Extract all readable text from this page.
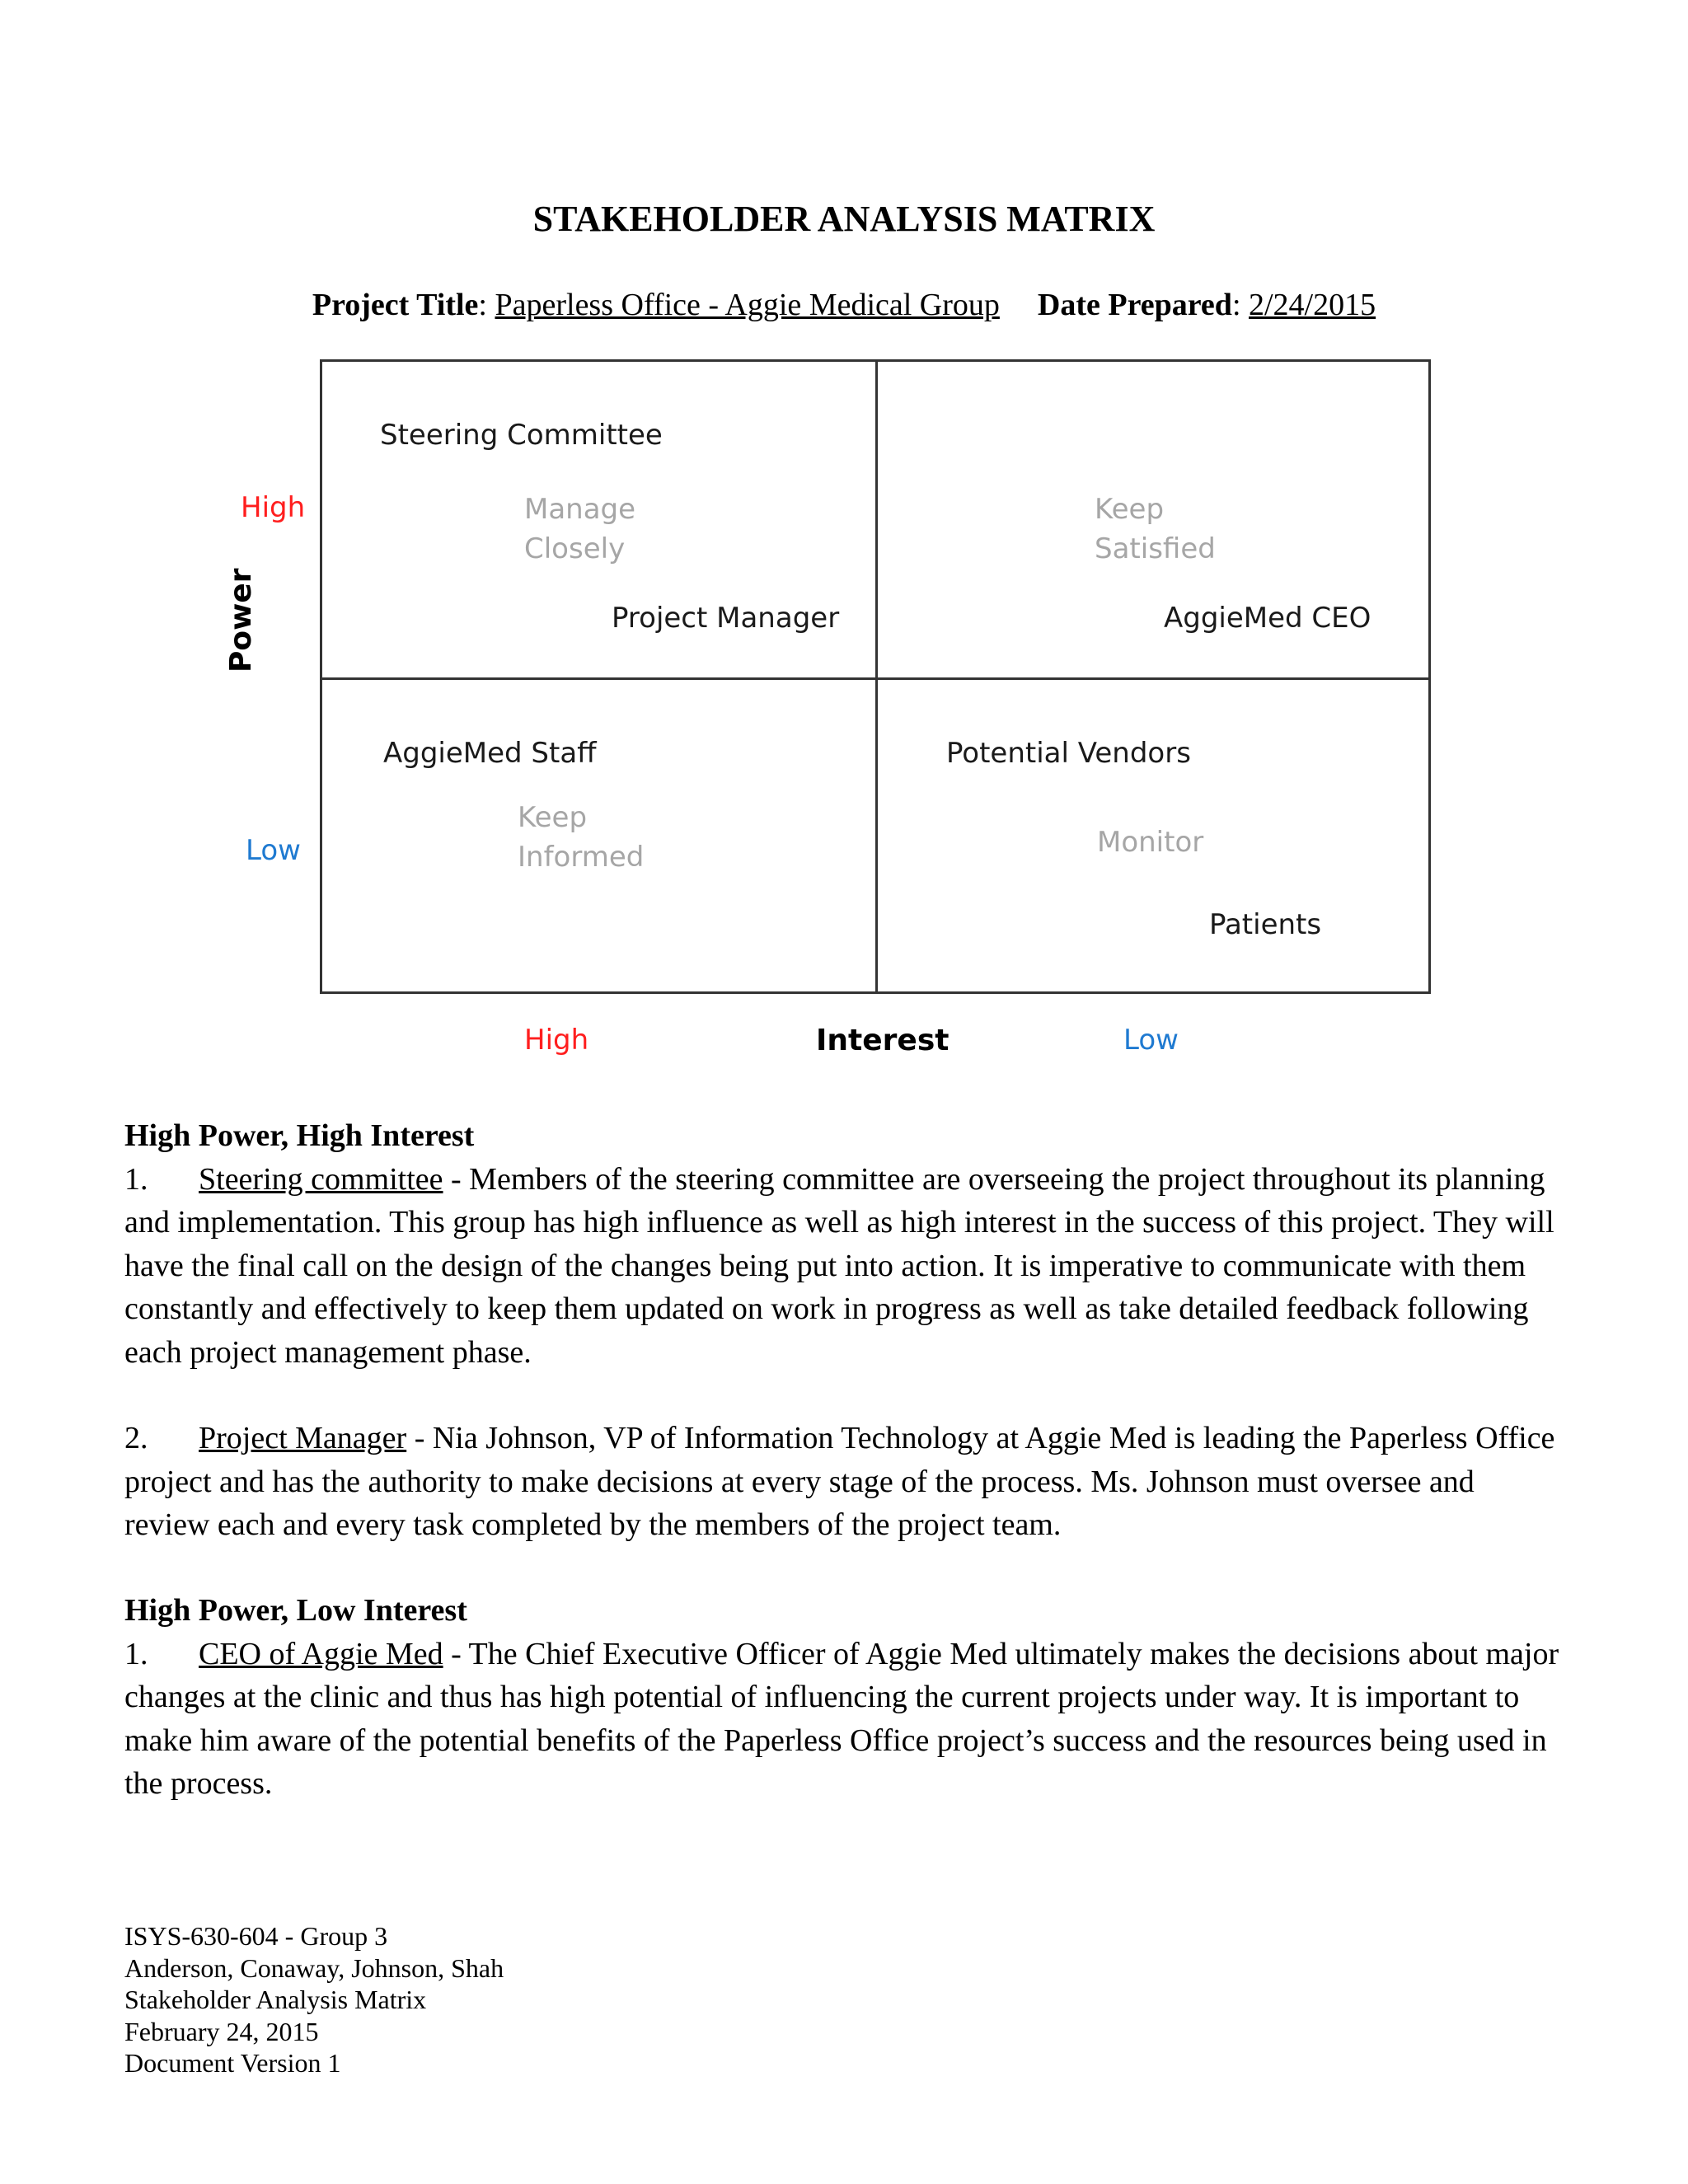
STAKEHOLDER ANALYSIS MATRIX
Project Title: Paperless Office - Aggie Medical Group Date Prepared: 2/24/2015
Steering Committee
Manage
Closely
Project Manager
Keep
Satisfied
AggieMed CEO
AggieMed Staff
Keep
Informed
Potential Vendors
Monitor
Patients
High
Low
Power
High	Interest	Low
High Power, High Interest

1. Steering committee - Members of the steering committee are overseeing the project throughout its planning and implementation. This group has high influence as well as high interest in the success of this project. They will have the final call on the design of the changes being put into action. It is imperative to communicate with them constantly and effectively to keep them updated on work in progress as well as take detailed feedback following each project management phase.

2. Project Manager - Nia Johnson, VP of Information Technology at Aggie Med is leading the Paperless Office project and has the authority to make decisions at every stage of the process. Ms. Johnson must oversee and review each and every task completed by the members of the project team.

High Power, Low Interest

1. CEO of Aggie Med - The Chief Executive Officer of Aggie Med ultimately makes the decisions about major changes at the clinic and thus has high potential of influencing the current projects under way. It is important to make him aware of the potential benefits of the Paperless Office project’s success and the resources being used in the process.

ISYS-630-604 - Group 3
Anderson, Conaway, Johnson, Shah
Stakeholder Analysis Matrix
February 24, 2015
Document Version 1
